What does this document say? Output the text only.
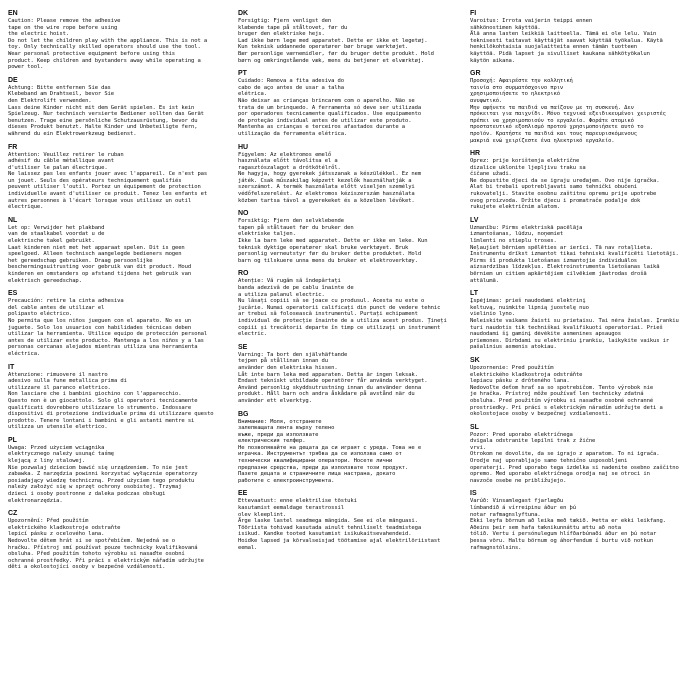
EN
Caution: Please remove the adhesive
tape on the wire rope before using
the electric hoist.
Do not let the children play with the appliance. This is not a
toy. Only technically skilled operators should use the tool.
Wear personal protective equipment before using this
product. Keep children and bystanders away while operating a
power tool.
DE
Achtung: Bitte entfernen Sie das
Klebeband am Drahtseil, bevor Sie
den Elektrolift verwenden.
Lass deine Kinder nicht mit dem Gerät spielen. Es ist kein
Spielzeug. Nur technisch versierte Bediener sollten das Gerät
benutzen. Trage eine persönliche Schutzausrüstung, bevor du
dieses Produkt benutzt. Halte Kinder und Unbeteiligte fern,
während du ein Elektrowerkzeug bedienst.
FR
Attention: Veuillez retirer le ruban
adhésif du câble métallique avant
d'utiliser le palan électrique.
Ne laissez pas les enfants jouer avec l'appareil. Ce n'est pas
un jouet. Seuls des opérateurs techniquement qualifiés
peuvent utiliser l'outil. Portez un équipement de protection
individuelle avant d'utiliser ce produit. Tenez les enfants et
autres personnes à l'écart lorsque vous utilisez un outil
électrique.
NL
Let op: Verwijder het plakband
van de staalkabel voordat u de
elektrische takel gebruikt.
Laat kinderen niet met het apparaat spelen. Dit is geen
speelgoed. Alleen technisch aangelegde bedieners mogen
het gereedschap gebruiken. Draag persoonlijke
beschermingsuitrusting voor gebruik van dit product. Houd
kinderen en omstanders op afstand tijdens het gebruik van
elektrisch gereedschap.
ES
Precaución: retire la cinta adhesiva
del cable antes de utilizar el
polipasto eléctrico.
No permita que los niños jueguen con el aparato. No es un
juguete. Solo los usuarios con habilidades técnicas deben
utilizar la herramienta. Utilice equipo de protección personal
antes de utilizar este producto. Mantenga a los niños y a las
personas cercanas alejados mientras utiliza una herramienta
eléctrica.
IT
Attenzione: rimuovere il nastro
adesivo sulla fune metallica prima di
utilizzare il paranco elettrico.
Non lasciare che i bambini giochino con l'apparecchio.
Questo non è un giocattolo. Solo gli operatori tecnicamente
qualificati dovrebbero utilizzare lo strumento. Indossare
dispositivi di protezione individuale prima di utilizzare questo
prodotto. Tenere lontani i bambini e gli astanti mentre si
utilizza un utensile elettrico.
PL
Uwaga: Przed użyciem wciągnika
elektrycznego należy usunąć taśmę
klejącą z liny stalowej.
Nie pozwalaj dzieciom bawić się urządzeniem. To nie jest
zabawka. Z narzędzia powinni korzystać wyłącznie operatorzy
posiadający wiedzę techniczną. Przed użyciem tego produktu
należy założyć się w sprzęt ochrony osobistej. Trzymaj
dzieci i osoby postronne z daleka podczas obsługi
elektronarzędzia.
CZ
Upozornění: Před použitím
elektrického kladkostroje odstraňte
lepicí pásku z ocelového lana.
Nedovolte dětem hrát si se spotřebičem. Nejedná se o
hračku. Přístroj smí používat pouze technicky kvalifikovaná
obsluha. Před použitím tohoto výrobku si nasaďte osobní
ochranné prostředky. Při práci s elektrickým nářadím udržujte
děti a okolostojící osoby v bezpečné vzdálenosti.
DK
Forsigtig: Fjern venligst den
klæbende tape på ståltovet, før du
bruger den elektriske hejs.
Lad ikke børn lege med apparatet. Dette er ikke et legetøj.
Kun teknisk uddannede operatører bør bruge værktøjet.
Bær personlige værnemidler, før du bruger dette produkt. Hold
børn og omkringstående væk, mens du betjener et elværktøj.
PT
Cuidado: Remova a fita adesiva do
cabo de aço antes de usar a talha
elétrica.
Não deixar as crianças brincarem com o aparelho. Não se
trata de um brinquedo. A ferramenta só deve ser utilizada
por operadores tecnicamente qualificados. Use equipamento
de proteção individual antes de utilizar este produto.
Mantenha as crianças e terceiros afastados durante a
utilização da ferramenta elétrica.
HU
Figyelem: Az elektromos emelő
használata előtt távolítsa el a
ragasztószalagot a drótkötélről.
Ne hagyja, hogy gyerekek játsszanak a készülékkel. Ez nem
játék. Csak műszakilag képzett kezelők használhatják a
szerszámot. A termék használata előtt viseljen személyi
védőfelszerelést. Az elektromos kéziszerszám használata
közben tartsa távol a gyerekeket és a közelben lévőket.
NO
Forsiktig: Fjern den selvklebende
tapen på ståltauet før du bruker den
elektriske taljen.
Ikke la barn leke med apparatet. Dette er ikke en leke. Kun
teknisk dyktige operatører skal bruke verktøyet. Bruk
personlig verneutstyr før du bruker dette produktet. Hold
barn og tilskuere unna mens du bruker et elektroverktøy.
RO
Atenție: Vă rugăm să îndepărtați
banda adezivă de pe cablu înainte de
a utiliza palanul electric.
Nu lăsați copiii să se joace cu produsul. Acesta nu este o
jucărie. Numai operatorii calificați din punct de vedere tehnic
ar trebui să folosească instrumentul. Purtați echipament
individual de protecție înainte de a utiliza acest produs. Țineți
copiii și trecătorii departe în timp ce utilizați un instrument
electric.
SE
Varning: Ta bort den självhäftande
tejpen på stållinan innan du
använder den elektriska hissen.
Låt inte barn leka med apparaten. Detta är ingen leksak.
Endast tekniskt utbildade operatörer får använda verktyget.
Använd personlig skyddsutrustning innan du använder denna
produkt. Håll barn och andra åskådare på avstånd när du
använder ett elverktyg.
BG
Внимание: Моля, отстранете
залепващата лента върху телено
въже, преди да използвате
електрическия телфер.
Не позволявайте на децата да си играят с уреда. Това не е
играчка. Инструментът трябва да се използва само от
технически квалифицирани оператори. Носете лични
предпазни средства, преди да използвате този продукт.
Пазете децата и страничните лица настрана, докато
работите с електроинструмента.
EE
Ettevaatust: enne elektrilise tõstuki
kasutamist eemaldage terastrossil
olev kleeplint.
Ärge laske lastel seadmega mängida. See ei ole mänguasi.
Tööriista tohivad kasutada ainult tehniliselt teadmistega
isikud. Kandke tooted kasutamist isikukaitsevahendeid.
Hoidke lapsed ja kõrvalseisjad töötamise ajal elektrilöriistast
eemal.
FI
Varoitus: Irrota vaijerin teippi ennen
sähkönostimen käyttöä.
Älä anna lasten leikkiä laitteella. Tämä ei ole lelu. Vain
teknisesti taitavat käyttäjät saavat käyttää työkalua. Käytä
henkilökohtaisia suojalaitteita ennen tämän tuotteen
käyttöä. Pidä lapset ja sivulliset kaukana sähkötyökalun
käytön aikana.
GR
Προσοχή: Αφαιρέστε την κολλητική
ταινία στο συρματόσχοινο πριν
χρησιμοποιήσετε το ηλεκτρικό
ανυψωτικό.
Μην αφήνετε τα παιδιά να παίζουν με τη συσκευή. Δεν
πρόκειται για παιχνίδι. Μόνο τεχνικά εξειδικευμένοι χειριστές
πρέπει να χρησιμοποιούν το εργαλείο. Φοράτε ατομικό
προστατευτικό εξοπλισμό προτού χρησιμοποιήσετε αυτό το
προϊόν. Κρατήστε τα παιδιά και τους παρευρισκόμενους
μακριά ενώ χειρίζεστε ένα ηλεκτρικό εργαλείο.
HR
Oprez: prije korištenja električne
dizalice uklonite ljepljivu traku sa
čičane užadi.
Ne dopustite djeci da se igraju uređajem. Ovo nije igračka.
Alat bi trebali upotrebljavati samo tehnički obučeni
rukovatelji. Stavite osobnu zaštitnu opremu prije upotrebe
ovog proizvoda. Držite djecu i promatrače podalje dok
rukujete električnim alatom.
LV
Uzmanību: Pirms elektriskā pacēlāja
izmantošanas, lūdzu, noņemiet
līmlenti no stieplu troses.
Neļaujiet bērniem spēlēties ar ierīci. Tā nav rotaļlieta.
Instrumentu drīkst izmantot tikai tehniski kvalificēti lietotāji.
Pirms šī produkta lietošanas izmantojie individuālos
aizsardzības līdzekļus. Elektroinstrumenta lietošanas laikā
bērniem un citiem apkārtējiem cilvēkiem jāatrodas drošā
attālumā.
LT
Įspėjimas: prieš naudodami elektrinį
keltuvą, nuimkite lipnią juostelę nuo
vielinio lyno.
Neleiskite vaikams žaisti su prietaisu. Tai nėra žaislas. Įrankiu
turi naudotis tik techniškai kvalifikuoti operatoriai. Prieš
naudodami šį gaminį dėvėkite asmenines apsaugos
priemones. Dirbdami su elektriniu įrankiu, laikykite vaikus ir
pašalinius asmenis atokiau.
SK
Upozornenie: Pred použitím
elektrického kladkostroja odstráňte
lepiacu pásku z drôteného lana.
Nedovoľte deťom hrať sa so spotrebičom. Tento výrobok nie
je hračka. Prístroj môže používať len technicky zdatná
obsluha. Pred použitím výrobku si nasaďte osobné ochranné
prostriedky. Pri práci s elektrickým náradím udržujte deti a
okolostojace osoby v bezpečnej vzdialenosti.
SL
Pozor: Pred uporabo električnega
dvigala odstranite lepilni trak z žične
vrvi.
Otrokom ne dovolite, da se igrajo z aparatom. To ni igrača.
Orodje naj uporabljajo samo tehnično usposobljeni
operaterji. Pred uporabo tega izdelka si nadenite osebno zaščitno
opremo. Med uporabo električnega orodja naj se otroci in
navzoče osebe ne približujejo.
IS
Varúð: Vinsamlegast fjarlægðu
límbandið á vírreipinu áður en þú
notar rafmagnslyftuna.
Ekki leyfa börnum að leika með tækið. Þetta er ekki leikfang.
Aðeins þeir sem hafa tæknikunnáttu ættu að nota
tólið. Vertu í persónulegum hlífðarbúnaði áður en þú notar
þessa vöru. Haltu börnum og áhorfendum í burtu við notkun
rafmagnstólsins.
